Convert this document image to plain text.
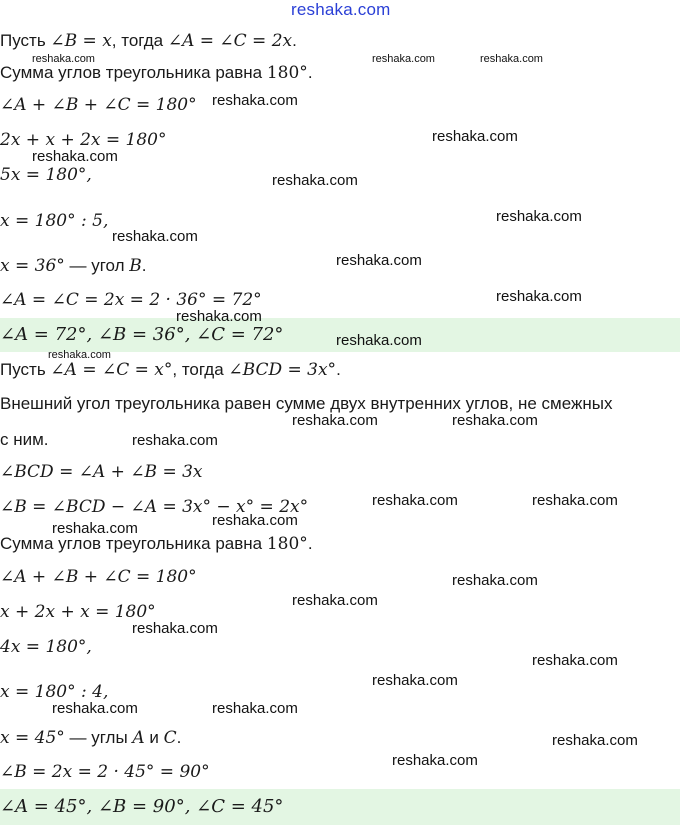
reshaka.com
Пусть ∠B = x, тогда ∠A = ∠C = 2x.
Сумма углов треугольника равна 180°.
∠A + ∠B + ∠C = 180°
2x + x + 2x = 180°
5x = 180°,
x = 180° : 5,
x = 36° — угол B.
∠A = ∠C = 2x = 2 · 36° = 72°
∠A = 72°, ∠B = 36°, ∠C = 72°
Пусть ∠A = ∠C = x°, тогда ∠BCD = 3x°.
Внешний угол треугольника равен сумме двух внутренних углов, не смежных
с ним.
∠BCD = ∠A + ∠B = 3x
∠B = ∠BCD − ∠A = 3x° − x° = 2x°
Сумма углов треугольника равна 180°.
∠A + ∠B + ∠C = 180°
x + 2x + x = 180°
4x = 180°,
x = 180° : 4,
x = 45° — углы A и C.
∠B = 2x = 2 · 45° = 90°
∠A = 45°, ∠B = 90°, ∠C = 45°
reshaka.com	reshaka.com	reshaka.com
reshaka.com
reshaka.com
reshaka.com
reshaka.com
reshaka.com
reshaka.com
reshaka.com
reshaka.com
reshaka.com
reshaka.com
reshaka.com
reshaka.com	reshaka.com
reshaka.com
reshaka.com	reshaka.com
reshaka.com
reshaka.com
reshaka.com
reshaka.com
reshaka.com
reshaka.com
reshaka.com
reshaka.com	reshaka.com
reshaka.com
reshaka.com
